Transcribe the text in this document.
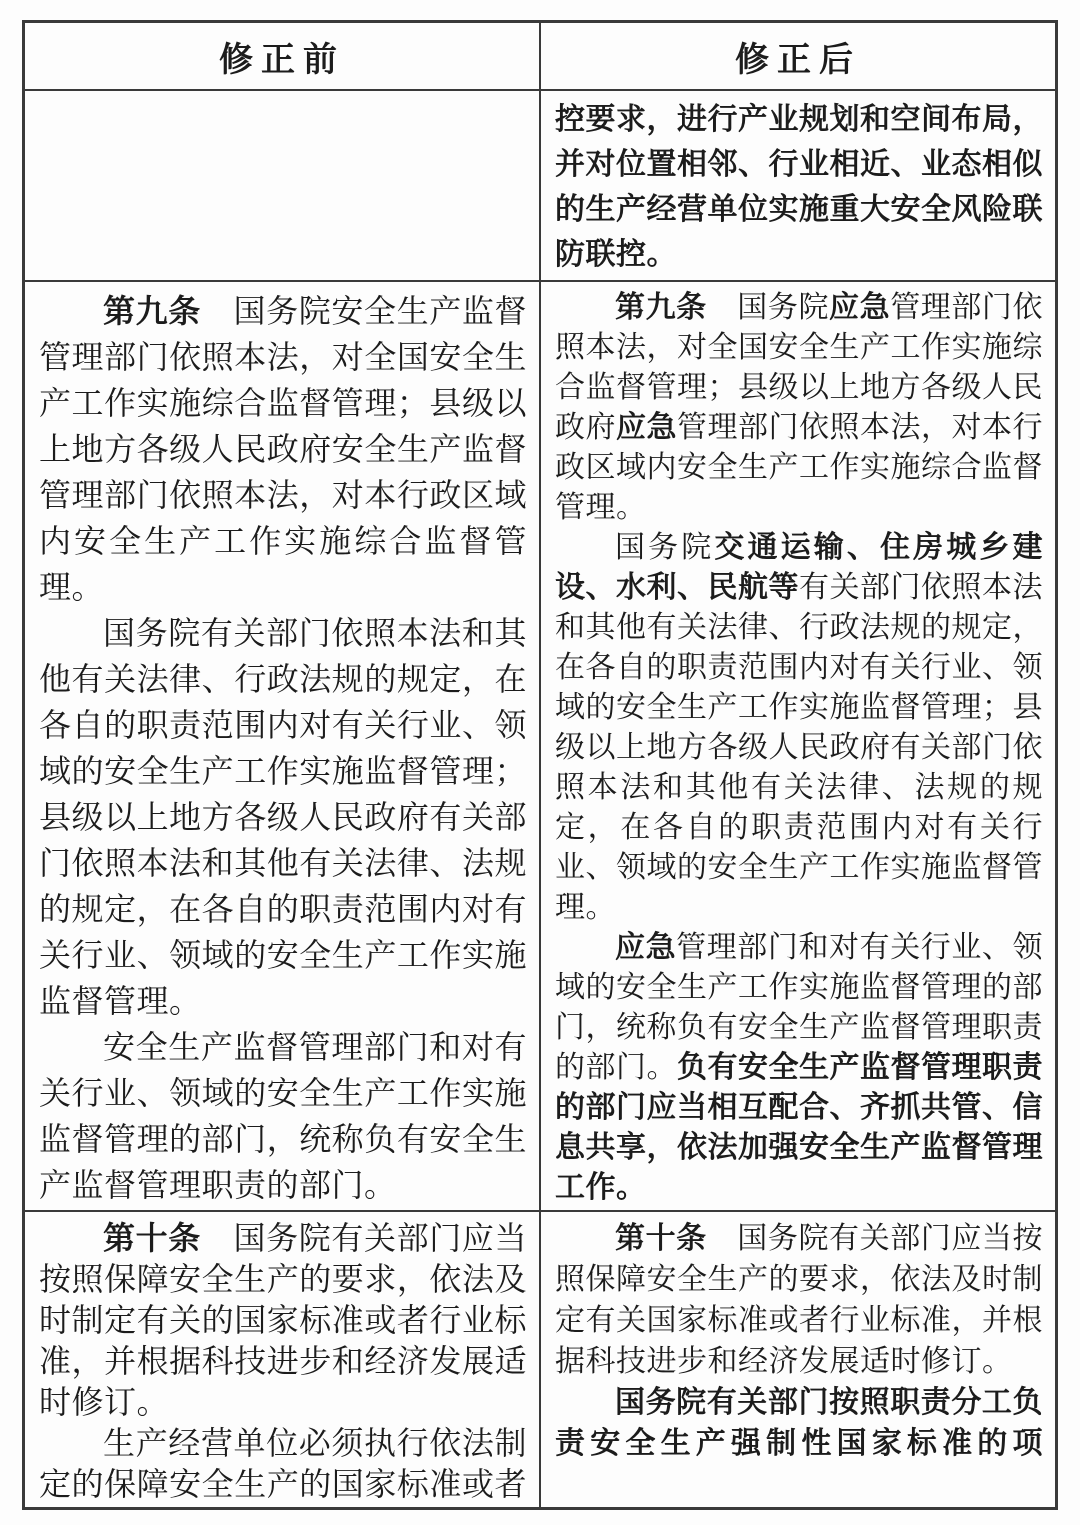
修正前	修正后

控要求，进行产业规划和空间布局，并对位置相邻、行业相近、业态相似的生产经营单位实施重大安全风险联防联控。

第九条　国务院安全生产监督管理部门依照本法，对全国安全生产工作实施综合监督管理；县级以上地方各级人民政府安全生产监督管理部门依照本法，对本行政区域内安全生产工作实施综合监督管理。

国务院有关部门依照本法和其他有关法律、行政法规的规定，在各自的职责范围内对有关行业、领域的安全生产工作实施监督管理；县级以上地方各级人民政府有关部门依照本法和其他有关法律、法规的规定，在各自的职责范围内对有关行业、领域的安全生产工作实施监督管理。

安全生产监督管理部门和对有关行业、领域的安全生产工作实施监督管理的部门，统称负有安全生产监督管理职责的部门。

第九条　国务院应急管理部门依照本法，对全国安全生产工作实施综合监督管理；县级以上地方各级人民政府应急管理部门依照本法，对本行政区域内安全生产工作实施综合监督管理。

国务院交通运输、住房城乡建设、水利、民航等有关部门依照本法和其他有关法律、行政法规的规定，在各自的职责范围内对有关行业、领域的安全生产工作实施监督管理；县级以上地方各级人民政府有关部门依照本法和其他有关法律、法规的规定，在各自的职责范围内对有关行业、领域的安全生产工作实施监督管理。

应急管理部门和对有关行业、领域的安全生产工作实施监督管理的部门，统称负有安全生产监督管理职责的部门。负有安全生产监督管理职责的部门应当相互配合、齐抓共管、信息共享，依法加强安全生产监督管理工作。

第十条　国务院有关部门应当按照保障安全生产的要求，依法及时制定有关的国家标准或者行业标准，并根据科技进步和经济发展适时修订。

生产经营单位必须执行依法制定的保障安全生产的国家标准或者

第十条　国务院有关部门应当按照保障安全生产的要求，依法及时制定有关国家标准或者行业标准，并根据科技进步和经济发展适时修订。

国务院有关部门按照职责分工负责安全生产强制性国家标准的项
